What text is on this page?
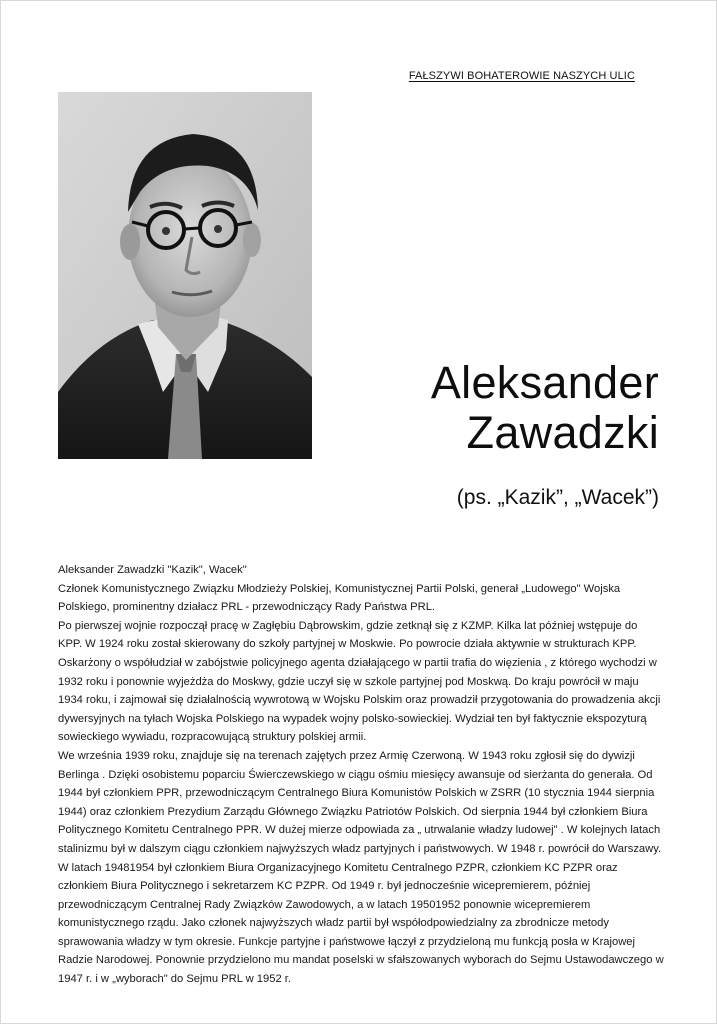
FAŁSZYWI BOHATEROWIE NASZYCH ULIC
Aleksander
Zawadzki
(ps. „Kazik”, „Wacek”)

Aleksander Zawadzki "Kazik", Wacek"

Członek Komunistycznego Związku Młodzieży Polskiej, Komunistycznej Partii Polski, generał „Ludowego" Wojska Polskiego, prominentny działacz PRL - przewodniczący Rady Państwa PRL.

Po pierwszej wojnie rozpoczął pracę w Zagłębiu Dąbrowskim, gdzie zetknął się z KZMP. Kilka lat później wstępuje do KPP. W 1924 roku został skierowany do szkoły partyjnej w Moskwie. Po powrocie działa aktywnie w strukturach KPP. Oskarżony o współudział w zabójstwie policyjnego agenta działającego w partii trafia do więzienia , z którego wychodzi w 1932 roku i ponownie wyjeżdża do Moskwy, gdzie uczył się w szkole partyjnej pod Moskwą. Do kraju powrócił w maju 1934 roku, i zajmował się działalnością wywrotową w Wojsku Polskim oraz prowadził przygotowania do prowadzenia akcji dywersyjnych na tyłach Wojska Polskiego na wypadek wojny polsko-sowieckiej. Wydział ten był faktycznie ekspozyturą sowieckiego wywiadu, rozpracowującą struktury polskiej armii.

We września 1939 roku, znajduje się na terenach zajętych przez Armię Czerwoną. W 1943 roku zgłosił się do dywizji Berlinga . Dzięki osobistemu poparciu Świerczewskiego w ciągu ośmiu miesięcy awansuje od sierżanta do generała. Od 1944 był członkiem PPR, przewodniczącym Centralnego Biura Komunistów Polskich w ZSRR (10 stycznia 1944 sierpnia 1944) oraz członkiem Prezydium Zarządu Głównego Związku Patriotów Polskich. Od sierpnia 1944 był członkiem Biura Politycznego Komitetu Centralnego PPR. W dużej mierze odpowiada za „ utrwalanie władzy ludowej" . W kolejnych latach stalinizmu był w dalszym ciągu członkiem najwyższych władz partyjnych i państwowych. W 1948 r. powrócił do Warszawy. W latach 19481954 był członkiem Biura Organizacyjnego Komitetu Centralnego PZPR, członkiem KC PZPR oraz członkiem Biura Politycznego i sekretarzem KC PZPR. Od 1949 r. był jednocześnie wicepremierem, później przewodniczącym Centralnej Rady Związków Zawodowych, a w latach 19501952 ponownie wicepremierem komunistycznego rządu. Jako członek najwyższych władz partii był współodpowiedzialny za zbrodnicze metody sprawowania władzy w tym okresie. Funkcje partyjne i państwowe łączył z przydzieloną mu funkcją posła w Krajowej Radzie Narodowej. Ponownie przydzielono mu mandat poselski w sfałszowanych wyborach do Sejmu Ustawodawczego w 1947 r. i w „wyborach" do Sejmu PRL w 1952 r.
